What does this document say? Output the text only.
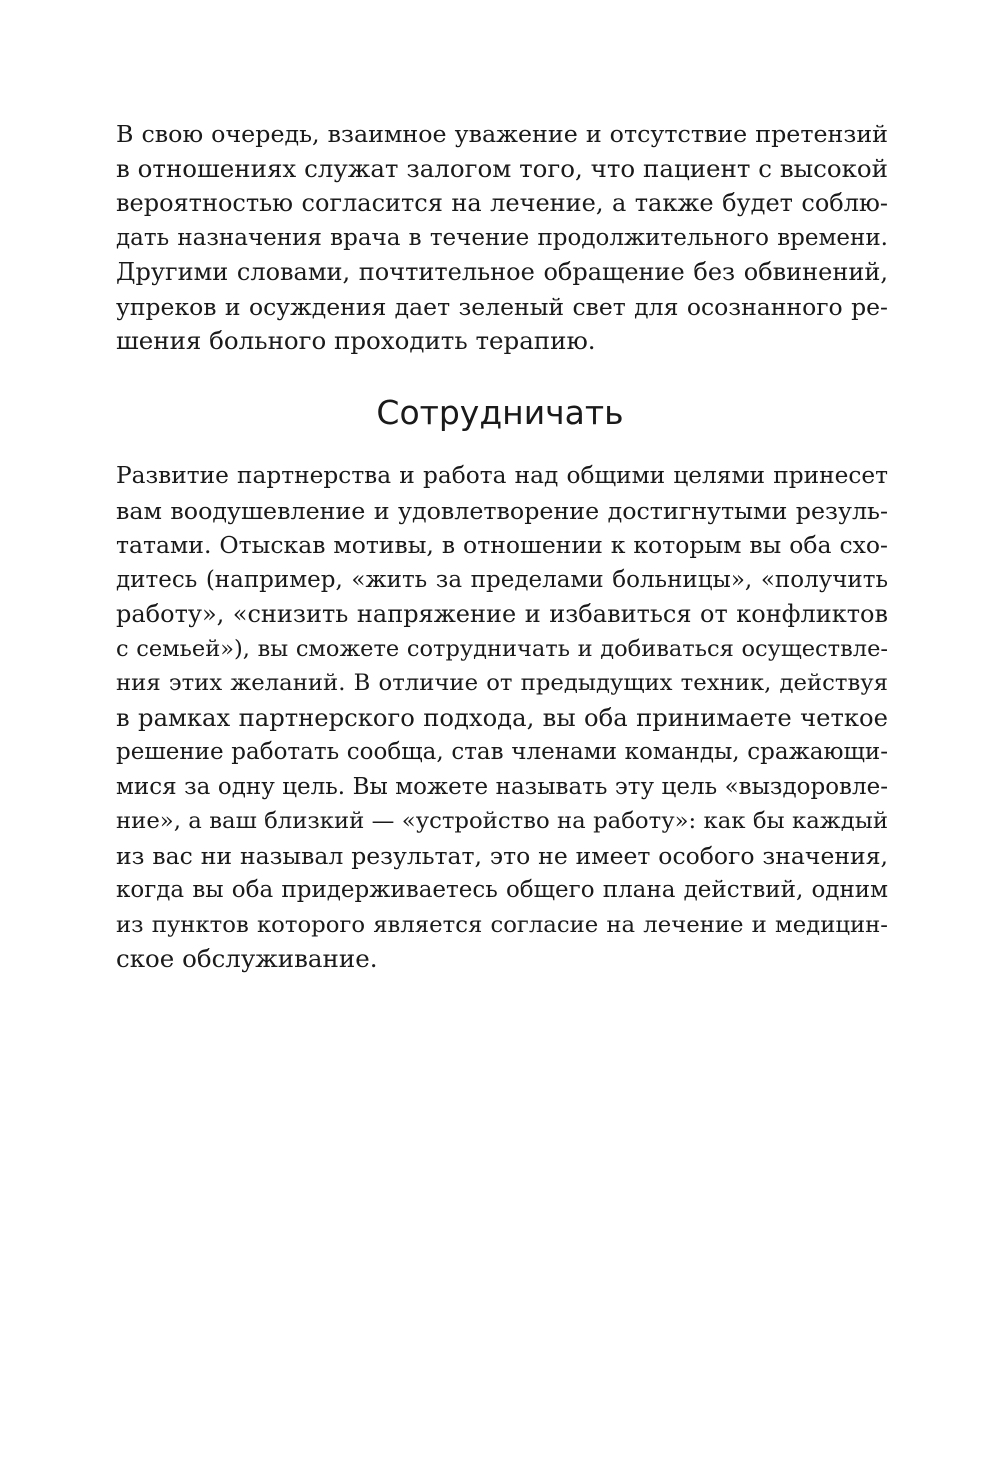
В свою очередь, взаимное уважение и отсутствие претензий
в отношениях служат залогом того, что пациент с высокой
вероятностью согласится на лечение, а также будет соблю-
дать назначения врача в течение продолжительного времени.
Другими словами, почтительное обращение без обвинений,
упреков и осуждения дает зеленый свет для осознанного ре-
шения больного проходить терапию.
Сотрудничать
Развитие партнерства и работа над общими целями принесет
вам воодушевление и удовлетворение достигнутыми резуль-
татами. Отыскав мотивы, в отношении к которым вы оба схо-
дитесь (например, «жить за пределами больницы», «получить
работу», «снизить напряжение и избавиться от конфликтов
с семьей»), вы сможете сотрудничать и добиваться осуществле-
ния этих желаний. В отличие от предыдущих техник, действуя
в рамках партнерского подхода, вы оба принимаете четкое
решение работать сообща, став членами команды, сражающи-
мися за одну цель. Вы можете называть эту цель «выздоровле-
ние», а ваш близкий — «устройство на работу»: как бы каждый
из вас ни называл результат, это не имеет особого значения,
когда вы оба придерживаетесь общего плана действий, одним
из пунктов которого является согласие на лечение и медицин-
ское обслуживание.
